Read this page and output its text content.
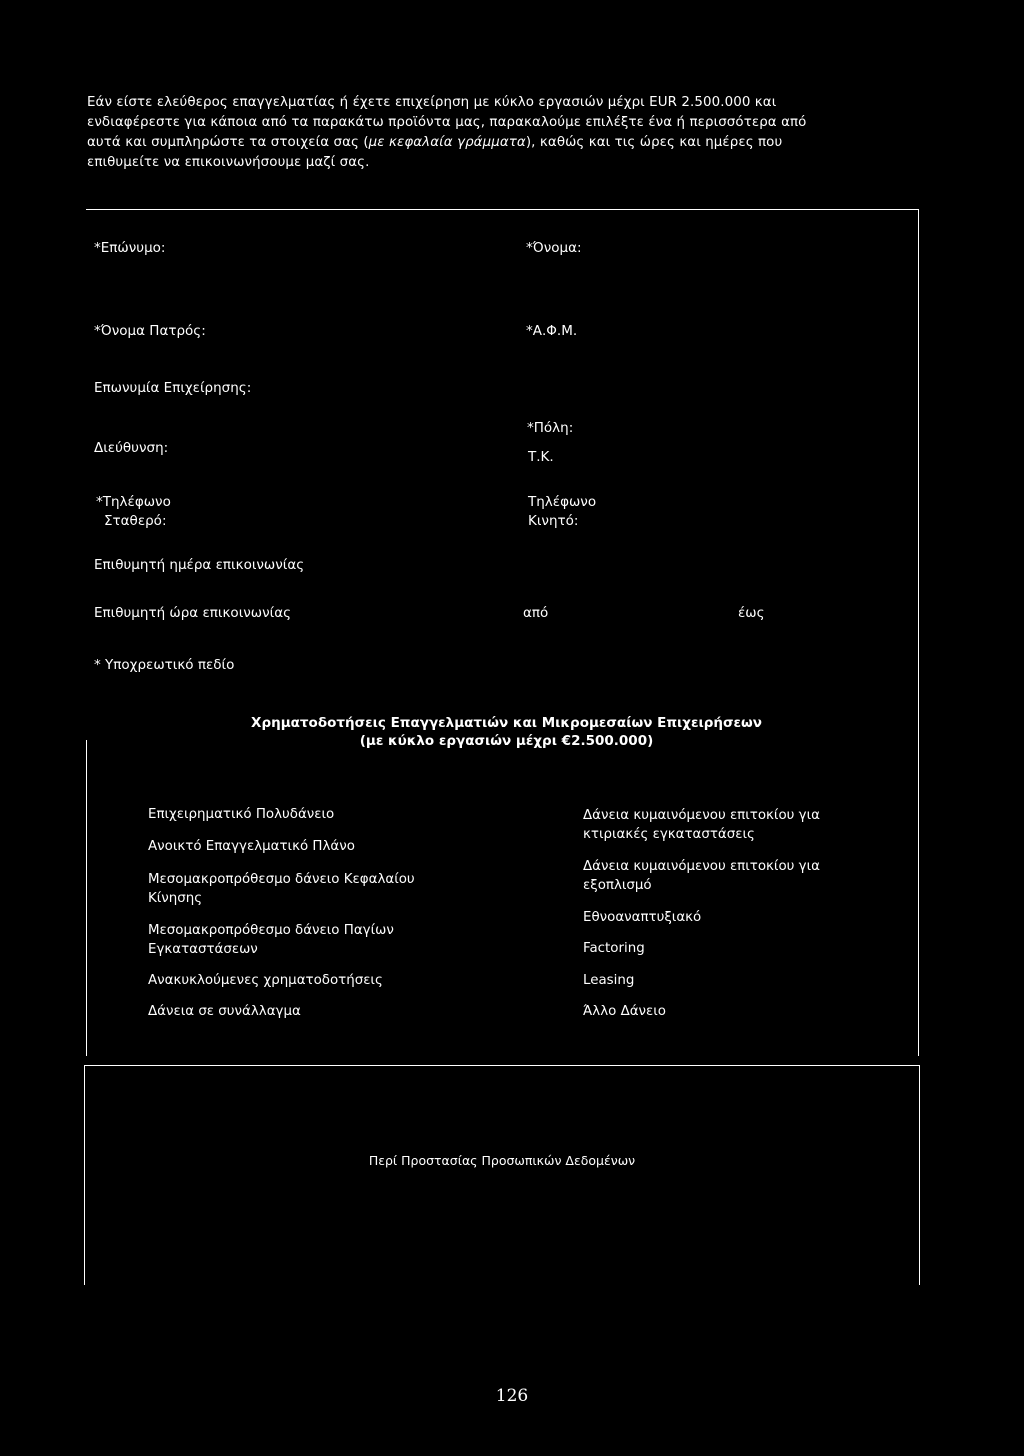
Εάν είστε ελεύθερος επαγγελματίας ή έχετε επιχείρηση με κύκλο εργασιών μέχρι EUR 2.500.000 και

ενδιαφέρεστε για κάποια από τα παρακάτω προϊόντα μας, παρακαλούμε επιλέξτε ένα ή περισσότερα από

αυτά και συμπληρώστε τα στοιχεία σας (με κεφαλαία γράμματα), καθώς και τις ώρες και ημέρες που

επιθυμείτε να επικοινωνήσουμε μαζί σας.

*Επώνυμο:	*Όνομα:
*Όνομα Πατρός:	*Α.Φ.Μ.
Επωνυμία Επιχείρησης:
Διεύθυνση:
*Πόλη:
Τ.Κ.
*Τηλέφωνο
Σταθερό:
Τηλέφωνο
Κινητό:
Επιθυμητή ημέρα επικοινωνίας
Επιθυμητή ώρα επικοινωνίας	από	έως
* Υποχρεωτικό πεδίο
Χρηματοδοτήσεις Επαγγελματιών και Μικρομεσαίων Επιχειρήσεων
(με κύκλο εργασιών μέχρι €2.500.000)
Επιχειρηματικό Πολυδάνειο
Ανοικτό Επαγγελματικό Πλάνο
Μεσομακροπρόθεσμο δάνειο Κεφαλαίου
Κίνησης
Μεσομακροπρόθεσμο δάνειο Παγίων
Εγκαταστάσεων
Ανακυκλούμενες χρηματοδοτήσεις
Δάνεια σε συνάλλαγμα
Δάνεια κυμαινόμενου επιτοκίου για
κτιριακές εγκαταστάσεις
Δάνεια κυμαινόμενου επιτοκίου για
εξοπλισμό
Εθνοαναπτυξιακό
Factoring
Leasing
Άλλο Δάνειο
Περί Προστασίας Προσωπικών Δεδομένων
126
